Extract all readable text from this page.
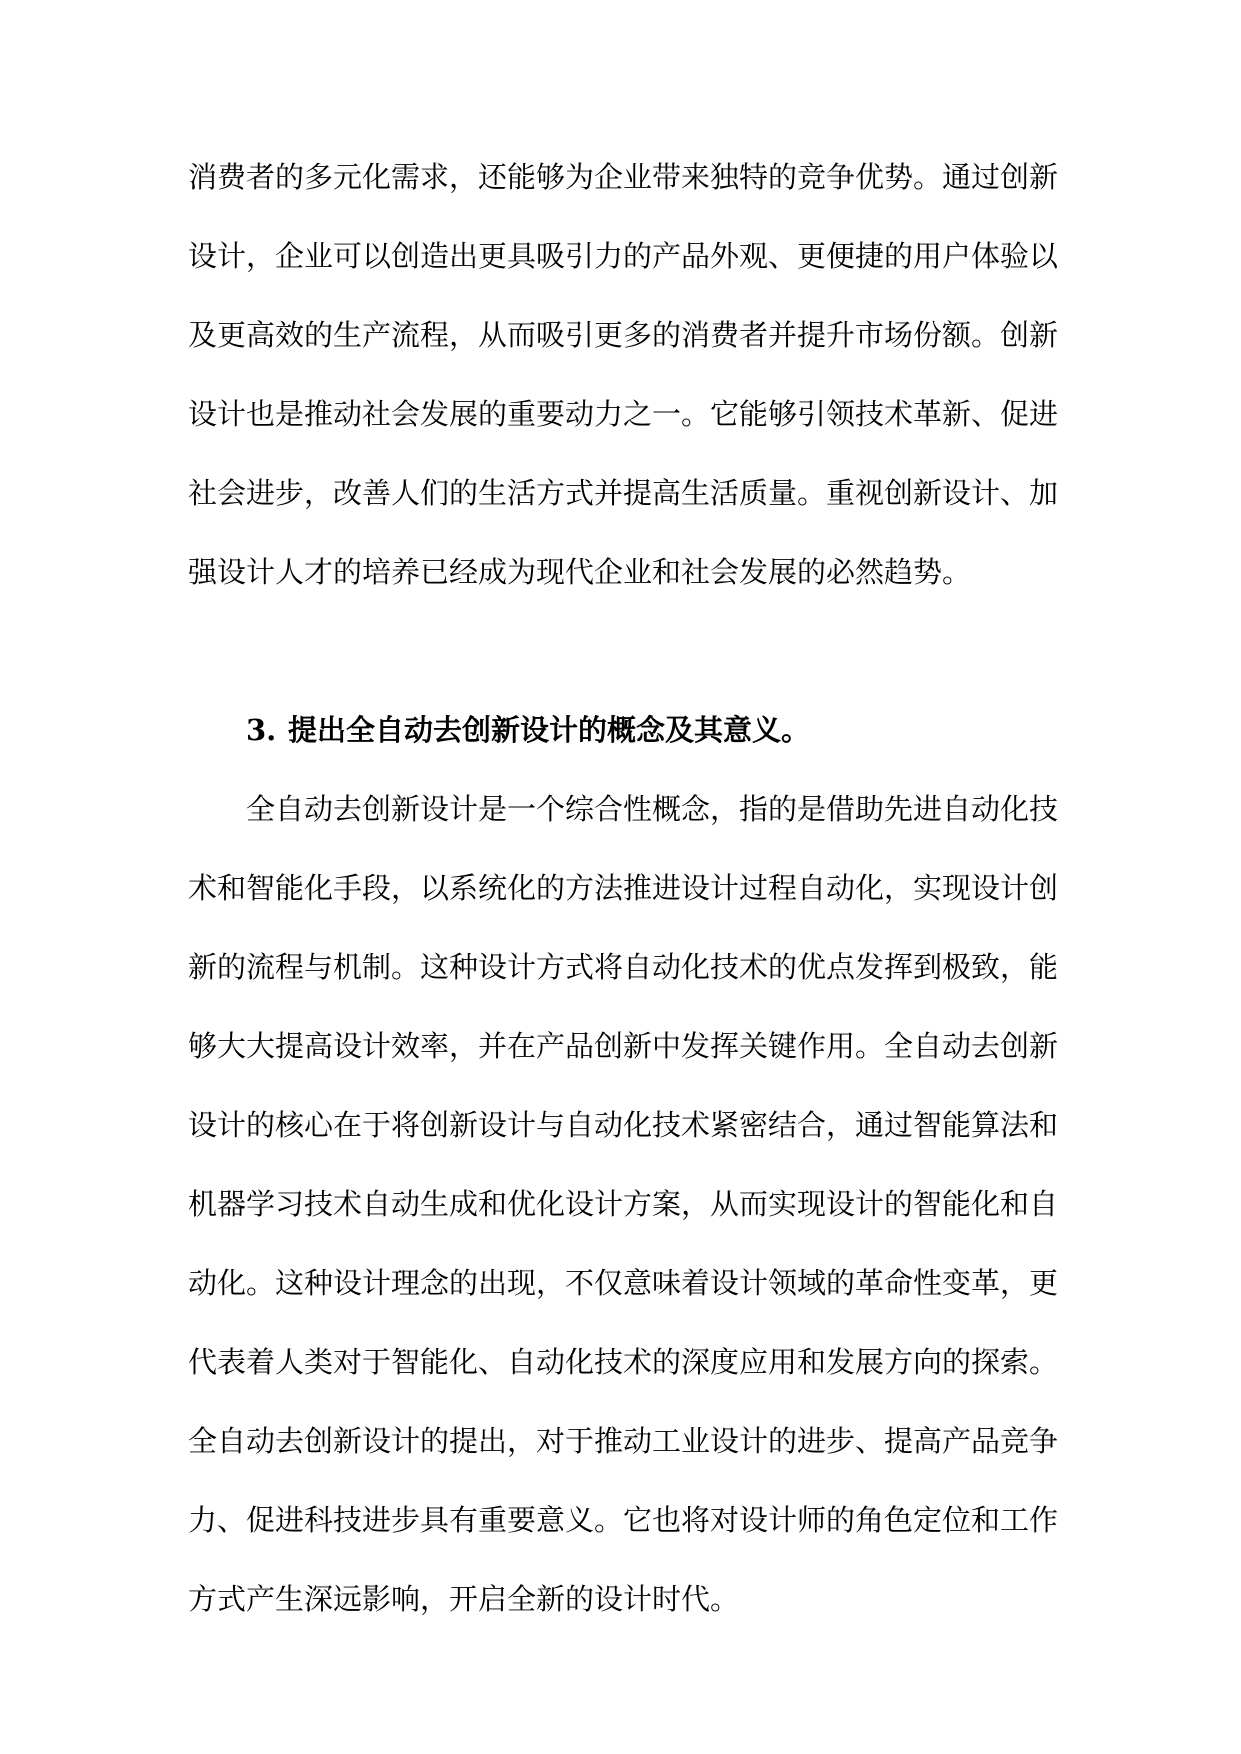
消费者的多元化需求，还能够为企业带来独特的竞争优势。通过创新
设计，企业可以创造出更具吸引力的产品外观、更便捷的用户体验以
及更高效的生产流程，从而吸引更多的消费者并提升市场份额。创新
设计也是推动社会发展的重要动力之一。它能够引领技术革新、促进
社会进步，改善人们的生活方式并提高生活质量。重视创新设计、加
强设计人才的培养已经成为现代企业和社会发展的必然趋势。
3. 提出全自动去创新设计的概念及其意义。
全自动去创新设计是一个综合性概念，指的是借助先进自动化技
术和智能化手段，以系统化的方法推进设计过程自动化，实现设计创
新的流程与机制。这种设计方式将自动化技术的优点发挥到极致，能
够大大提高设计效率，并在产品创新中发挥关键作用。全自动去创新
设计的核心在于将创新设计与自动化技术紧密结合，通过智能算法和
机器学习技术自动生成和优化设计方案，从而实现设计的智能化和自
动化。这种设计理念的出现，不仅意味着设计领域的革命性变革，更
代表着人类对于智能化、自动化技术的深度应用和发展方向的探索。
全自动去创新设计的提出，对于推动工业设计的进步、提高产品竞争
力、促进科技进步具有重要意义。它也将对设计师的角色定位和工作
方式产生深远影响，开启全新的设计时代。
